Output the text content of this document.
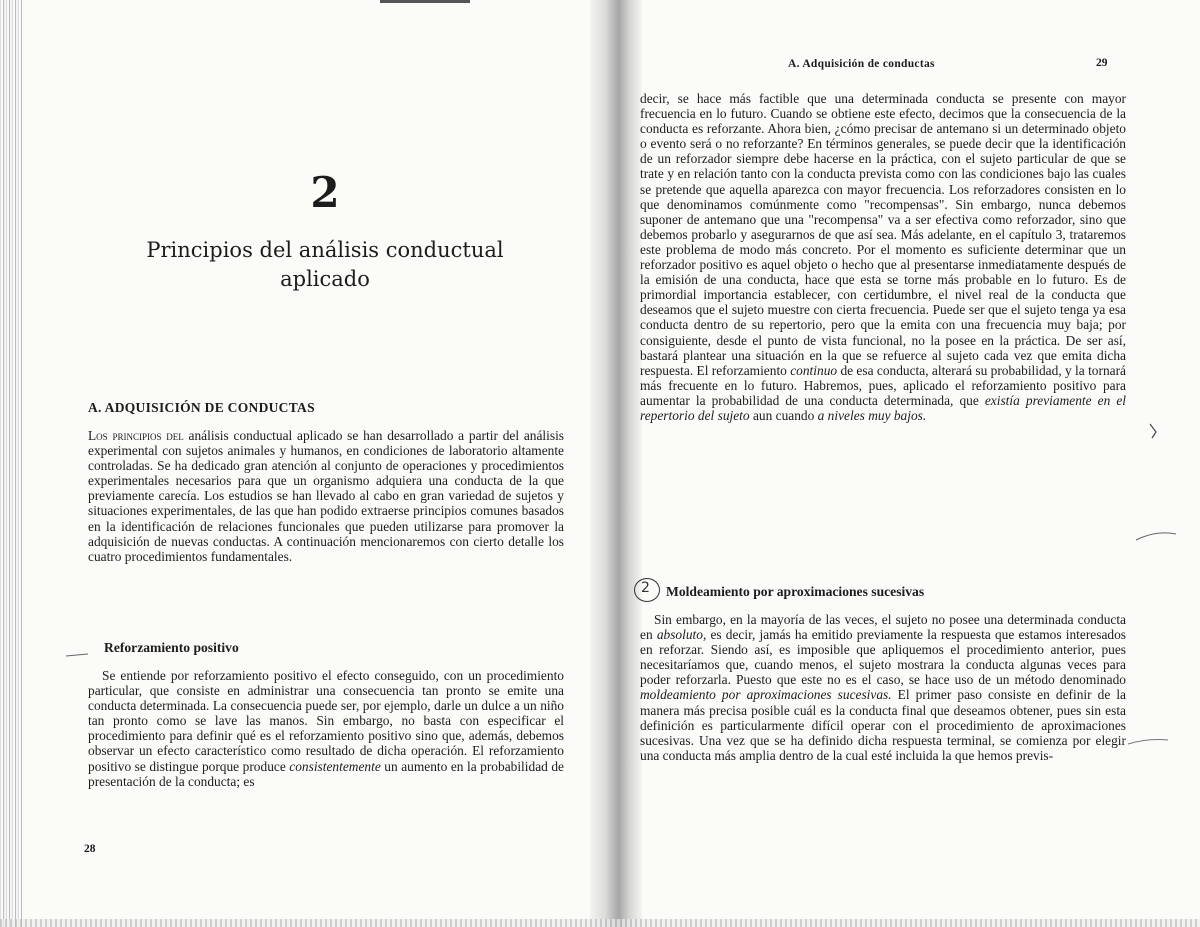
2
Principios del análisis conductual
aplicado
A. ADQUISICIÓN DE CONDUCTAS

Los principios del análisis conductual aplicado se han desarrollado a partir del análisis experimental con sujetos animales y humanos, en condiciones de laboratorio altamente controladas. Se ha dedicado gran atención al conjunto de operaciones y procedimientos experimentales necesarios para que un organismo adquiera una conducta de la que previamente carecía. Los estudios se han llevado al cabo en gran variedad de sujetos y situaciones experimentales, de las que han podido extraerse principios comunes basados en la identificación de relaciones funcionales que pueden utilizarse para promover la adquisición de nuevas conductas. A continuación mencionaremos con cierto detalle los cuatro procedimientos fundamentales.

Reforzamiento positivo

Se entiende por reforzamiento positivo el efecto conseguido, con un procedimiento particular, que consiste en administrar una consecuencia tan pronto se emite una conducta determinada. La consecuencia puede ser, por ejemplo, darle un dulce a un niño tan pronto como se lave las manos. Sin embargo, no basta con especificar el procedimiento para definir qué es el reforzamiento positivo sino que, además, debemos observar un efecto característico como resultado de dicha operación. El reforzamiento positivo se distingue porque produce consistentemente un aumento en la probabilidad de presentación de la conducta; es

28
A. Adquisición de conductas	29

decir, se hace más factible que una determinada conducta se presente con mayor frecuencia en lo futuro. Cuando se obtiene este efecto, decimos que la consecuencia de la conducta es reforzante. Ahora bien, ¿cómo precisar de antemano si un determinado objeto o evento será o no reforzante? En términos generales, se puede decir que la identificación de un reforzador siempre debe hacerse en la práctica, con el sujeto particular de que se trate y en relación tanto con la conducta prevista como con las condiciones bajo las cuales se pretende que aquella aparezca con mayor frecuencia. Los reforzadores consisten en lo que denominamos comúnmente como "recompensas". Sin embargo, nunca debemos suponer de antemano que una "recompensa" va a ser efectiva como reforzador, sino que debemos probarlo y asegurarnos de que así sea. Más adelante, en el capítulo 3, trataremos este problema de modo más concreto. Por el momento es suficiente determinar que un reforzador positivo es aquel objeto o hecho que al presentarse inmediatamente después de la emisión de una conducta, hace que esta se torne más probable en lo futuro. Es de primordial importancia establecer, con certidumbre, el nivel real de la conducta que deseamos que el sujeto muestre con cierta frecuencia. Puede ser que el sujeto tenga ya esa conducta dentro de su repertorio, pero que la emita con una frecuencia muy baja; por consiguiente, desde el punto de vista funcional, no la posee en la práctica. De ser así, bastará plantear una situación en la que se refuerce al sujeto cada vez que emita dicha respuesta. El reforzamiento continuo de esa conducta, alterará su probabilidad, y la tornará más frecuente en lo futuro. Habremos, pues, aplicado el reforzamiento positivo para aumentar la probabilidad de una conducta determinada, que existía previamente en el repertorio del sujeto aun cuando a niveles muy bajos.

2 Moldeamiento por aproximaciones sucesivas

Sin embargo, en la mayoría de las veces, el sujeto no posee una determinada conducta en absoluto, es decir, jamás ha emitido previamente la respuesta que estamos interesados en reforzar. Siendo así, es imposible que apliquemos el procedimiento anterior, pues necesitaríamos que, cuando menos, el sujeto mostrara la conducta algunas veces para poder reforzarla. Puesto que este no es el caso, se hace uso de un método denominado moldeamiento por aproximaciones sucesivas. El primer paso consiste en definir de la manera más precisa posible cuál es la conducta final que deseamos obtener, pues sin esta definición es particularmente difícil operar con el procedimiento de aproximaciones sucesivas. Una vez que se ha definido dicha respuesta terminal, se comienza por elegir una conducta más amplia dentro de la cual esté incluida la que hemos previs-
